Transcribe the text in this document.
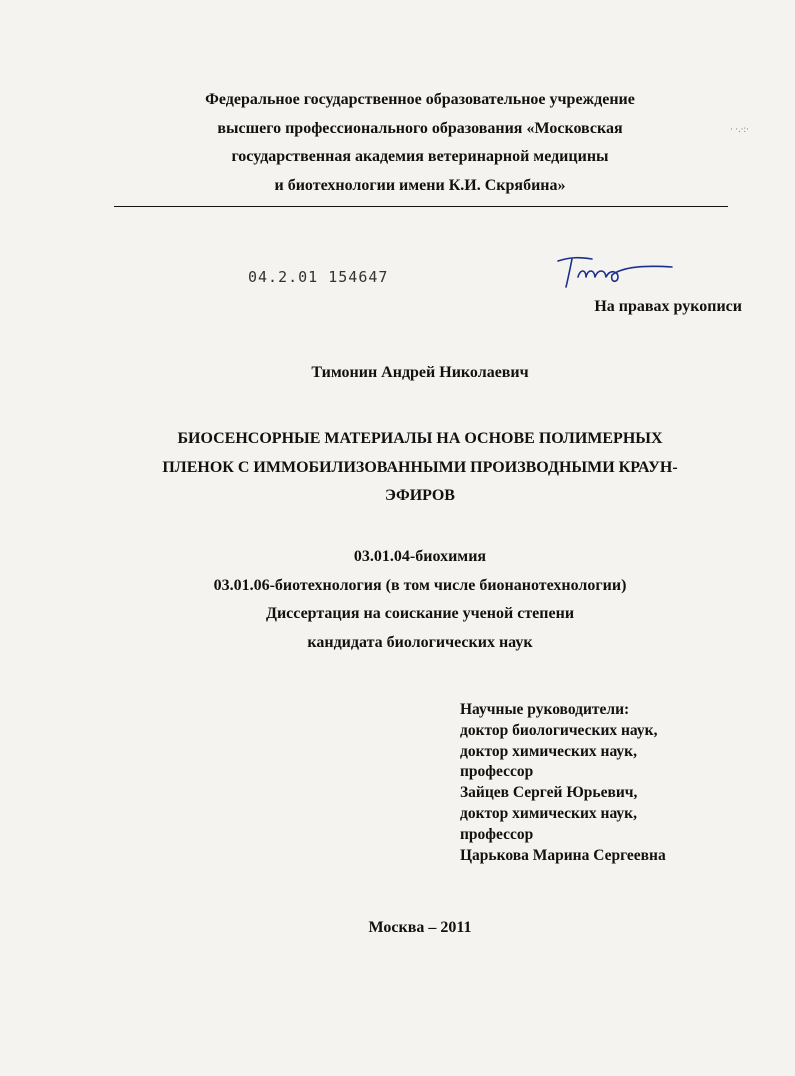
Федеральное государственное образовательное учреждение
высшего профессионального образования «Московская
государственная академия ветеринарной медицины
и биотехнологии имени К.И. Скрябина»
· ·.·:·
04.2.01 154647
На правах рукописи
Тимонин Андрей Николаевич
БИОСЕНСОРНЫЕ МАТЕРИАЛЫ НА ОСНОВЕ ПОЛИМЕРНЫХ
ПЛЕНОК С ИММОБИЛИЗОВАННЫМИ ПРОИЗВОДНЫМИ КРАУН-
ЭФИРОВ
03.01.04-биохимия
03.01.06-биотехнология (в том числе бионанотехнологии)
Диссертация на соискание ученой степени
кандидата биологических наук
Научные руководители:
доктор биологических наук,
доктор химических наук,
профессор
Зайцев Сергей Юрьевич,
доктор химических наук,
профессор
Царькова Марина Сергеевна
Москва – 2011
